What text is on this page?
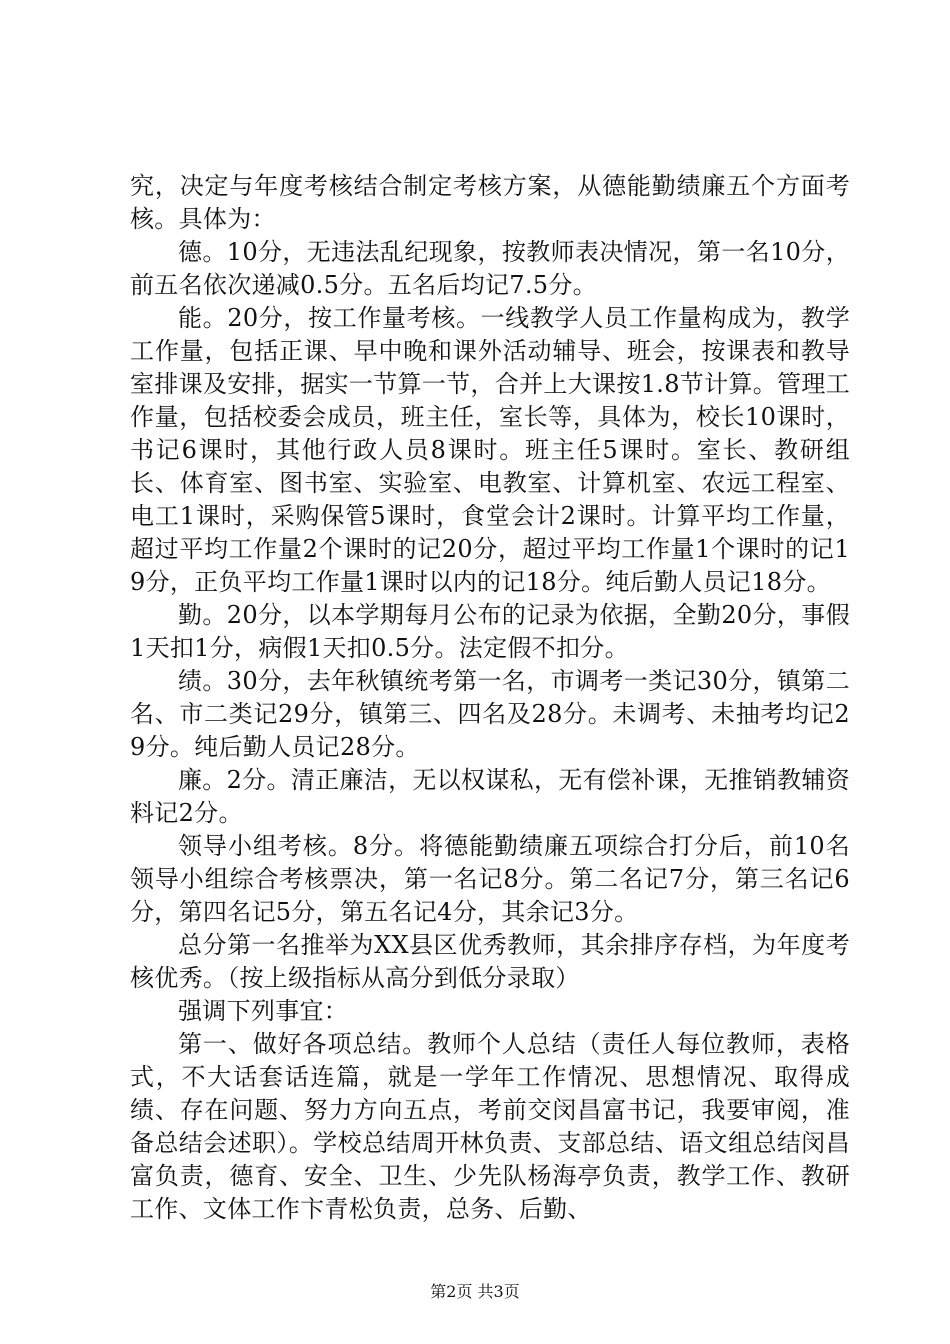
究，决定与年度考核结合制定考核方案，从德能勤绩廉五个方面考核。具体为：

德。10分，无违法乱纪现象，按教师表决情况，第一名10分，前五名依次递减0.5分。五名后均记7.5分。

能。20分，按工作量考核。一线教学人员工作量构成为，教学工作量，包括正课、早中晚和课外活动辅导、班会，按课表和教导室排课及安排，据实一节算一节，合并上大课按1.8节计算。管理工作量，包括校委会成员，班主任，室长等，具体为，校长10课时，书记6课时，其他行政人员8课时。班主任5课时。室长、教研组长、体育室、图书室、实验室、电教室、计算机室、农远工程室、电工1课时，采购保管5课时，食堂会计2课时。计算平均工作量，超过平均工作量2个课时的记20分，超过平均工作量1个课时的记19分，正负平均工作量1课时以内的记18分。纯后勤人员记18分。

勤。20分，以本学期每月公布的记录为依据，全勤20分，事假1天扣1分，病假1天扣0.5分。法定假不扣分。

绩。30分，去年秋镇统考第一名，市调考一类记30分，镇第二名、市二类记29分，镇第三、四名及28分。未调考、未抽考均记29分。纯后勤人员记28分。

廉。2分。清正廉洁，无以权谋私，无有偿补课，无推销教辅资料记2分。

领导小组考核。8分。将德能勤绩廉五项综合打分后，前10名领导小组综合考核票决，第一名记8分。第二名记7分，第三名记6分，第四名记5分，第五名记4分，其余记3分。

总分第一名推举为XX县区优秀教师，其余排序存档，为年度考核优秀。（按上级指标从高分到低分录取）

强调下列事宜：

第一、做好各项总结。教师个人总结（责任人每位教师，表格式，不大话套话连篇，就是一学年工作情况、思想情况、取得成绩、存在问题、努力方向五点，考前交闵昌富书记，我要审阅，准备总结会述职）。学校总结周开林负责、支部总结、语文组总结闵昌富负责，德育、安全、卫生、少先队杨海亭负责，教学工作、教研工作、文体工作卞青松负责，总务、后勤、

第2页 共3页
